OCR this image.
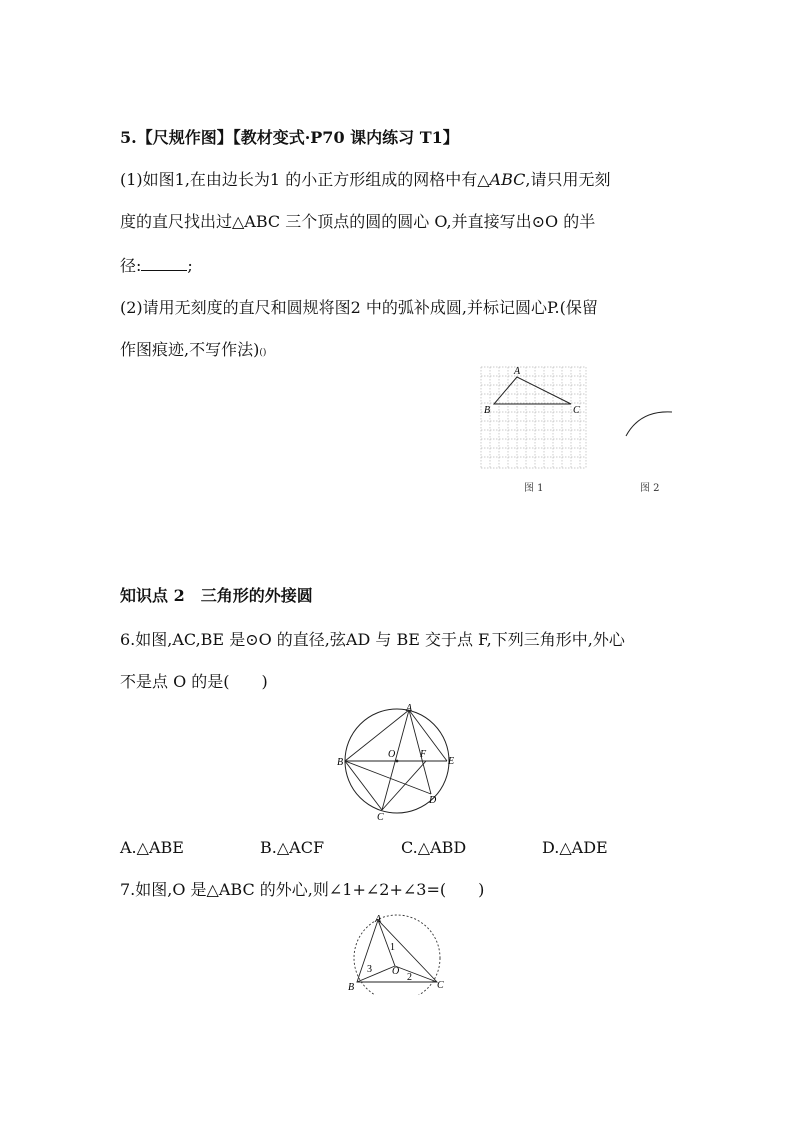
5.【尺规作图】【教材变式·P70 课内练习 T1】
(1)如图1,在由边长为1 的小正方形组成的网格中有△ABC,请只用无刻
度的直尺找出过△ABC 三个顶点的圆的圆心 O,并直接写出⊙O 的半
径:	;
(2)请用无刻度的直尺和圆规将图2 中的弧补成圆,并标记圆心P.(保留
作图痕迹,不写作法)()
A
B	C
图 1	图 2
知识点 2　三角形的外接圆
6.如图,AC,BE 是⊙O 的直径,弦AD 与 BE 交于点 F,下列三角形中,外心
不是点 O 的是(　　)
A
B
C
D
E
O F
A.△ABE	B.△ACF	C.△ABD	D.△ADE
7.如图,O 是△ABC 的外心,则∠1+∠2+∠3=(　　)
A
B	C
O
1
2
3
